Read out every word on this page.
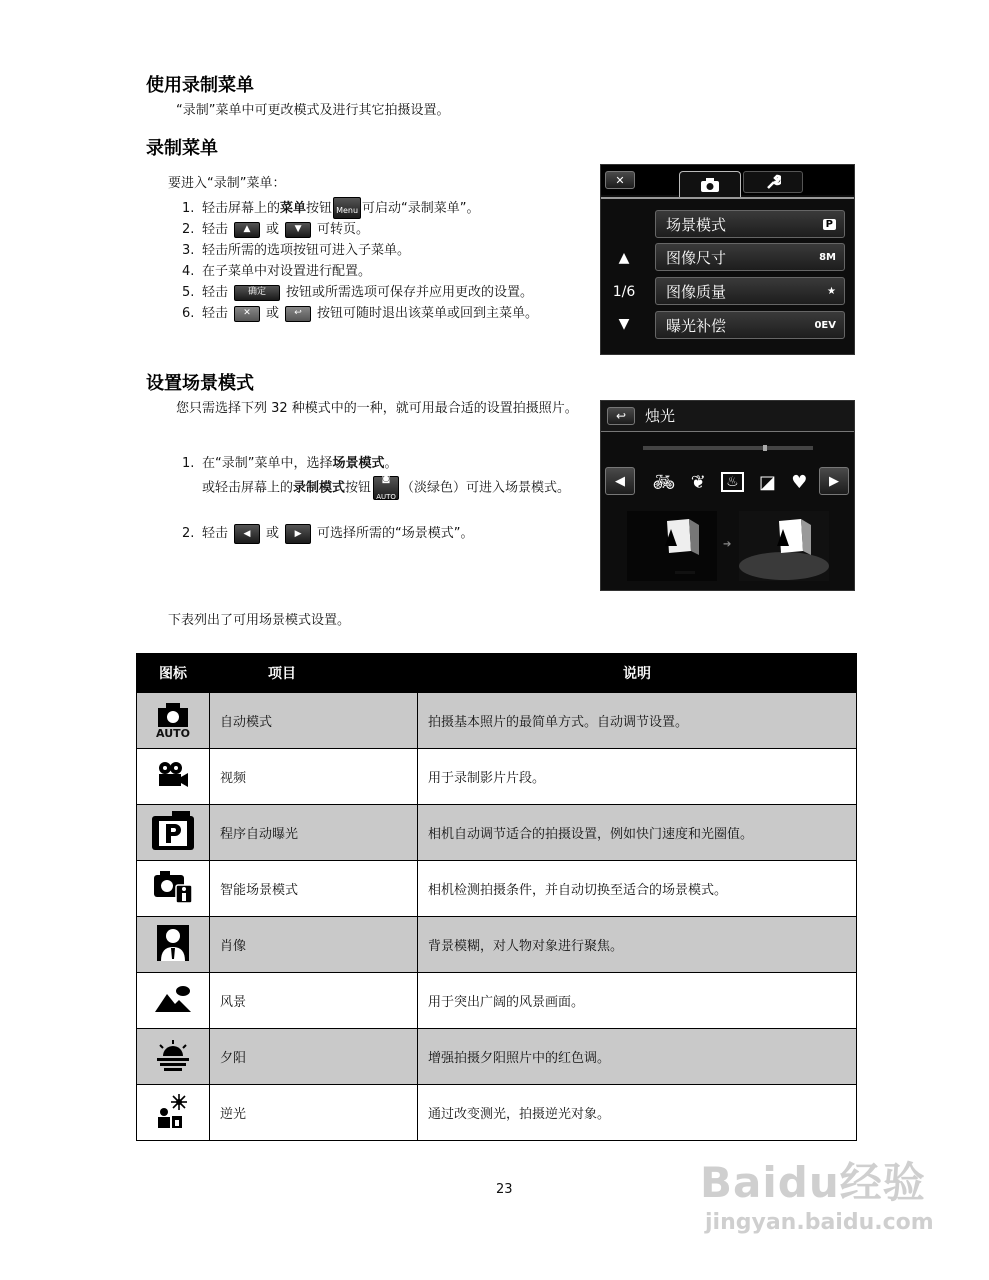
使用录制菜单
“录制”菜单中可更改模式及进行其它拍摄设置。
录制菜单
要进入“录制”菜单：
1. 轻击屏幕上的 菜单 按钮 Menu 可启动“录制菜单”。
2. 轻击	▲	或	▼	可转页。
3. 轻击所需的选项按钮可进入子菜单。
4. 在子菜单中对设置进行配置。
5. 轻击	确定	按钮或所需选项可保存并应用更改的设置。
6. 轻击	✕	或	↩	按钮可随时退出该菜单或回到主菜单。
✕
场景模式	P
图像尺寸	8M
图像质量	★
曝光补偿	0EV
▲
1/6
▼
设置场景模式
您只需选择下列 32 种模式中的一种，就可用最合适的设置拍摄照片。
1. 在“录制”菜单中，选择场景模式。
或轻击屏幕上的录制模式按钮
◙
AUTO
（淡绿色）可进入场景模式。
2. 轻击	◀	或	▶	可选择所需的“场景模式”。
↩	烛光
◀	▶
🚲︎ ❦	♨ ◪ ♥
➔
下表列出了可用场景模式设置。
图标	项目	说明

AUTO	自动模式	拍摄基本照片的最简单方式。自动调节设置。

	视频	用于录制影片片段。

	程序自动曝光	相机自动调节适合的拍摄设置，例如快门速度和光圈值。

	智能场景模式	相机检测拍摄条件，并自动切换至适合的场景模式。

	肖像	背景模糊，对人物对象进行聚焦。

	风景	用于突出广阔的风景画面。

	夕阳	增强拍摄夕阳照片中的红色调。

	逆光	通过改变测光，拍摄逆光对象。
23	Baidu经验
jingyan.baidu.com
